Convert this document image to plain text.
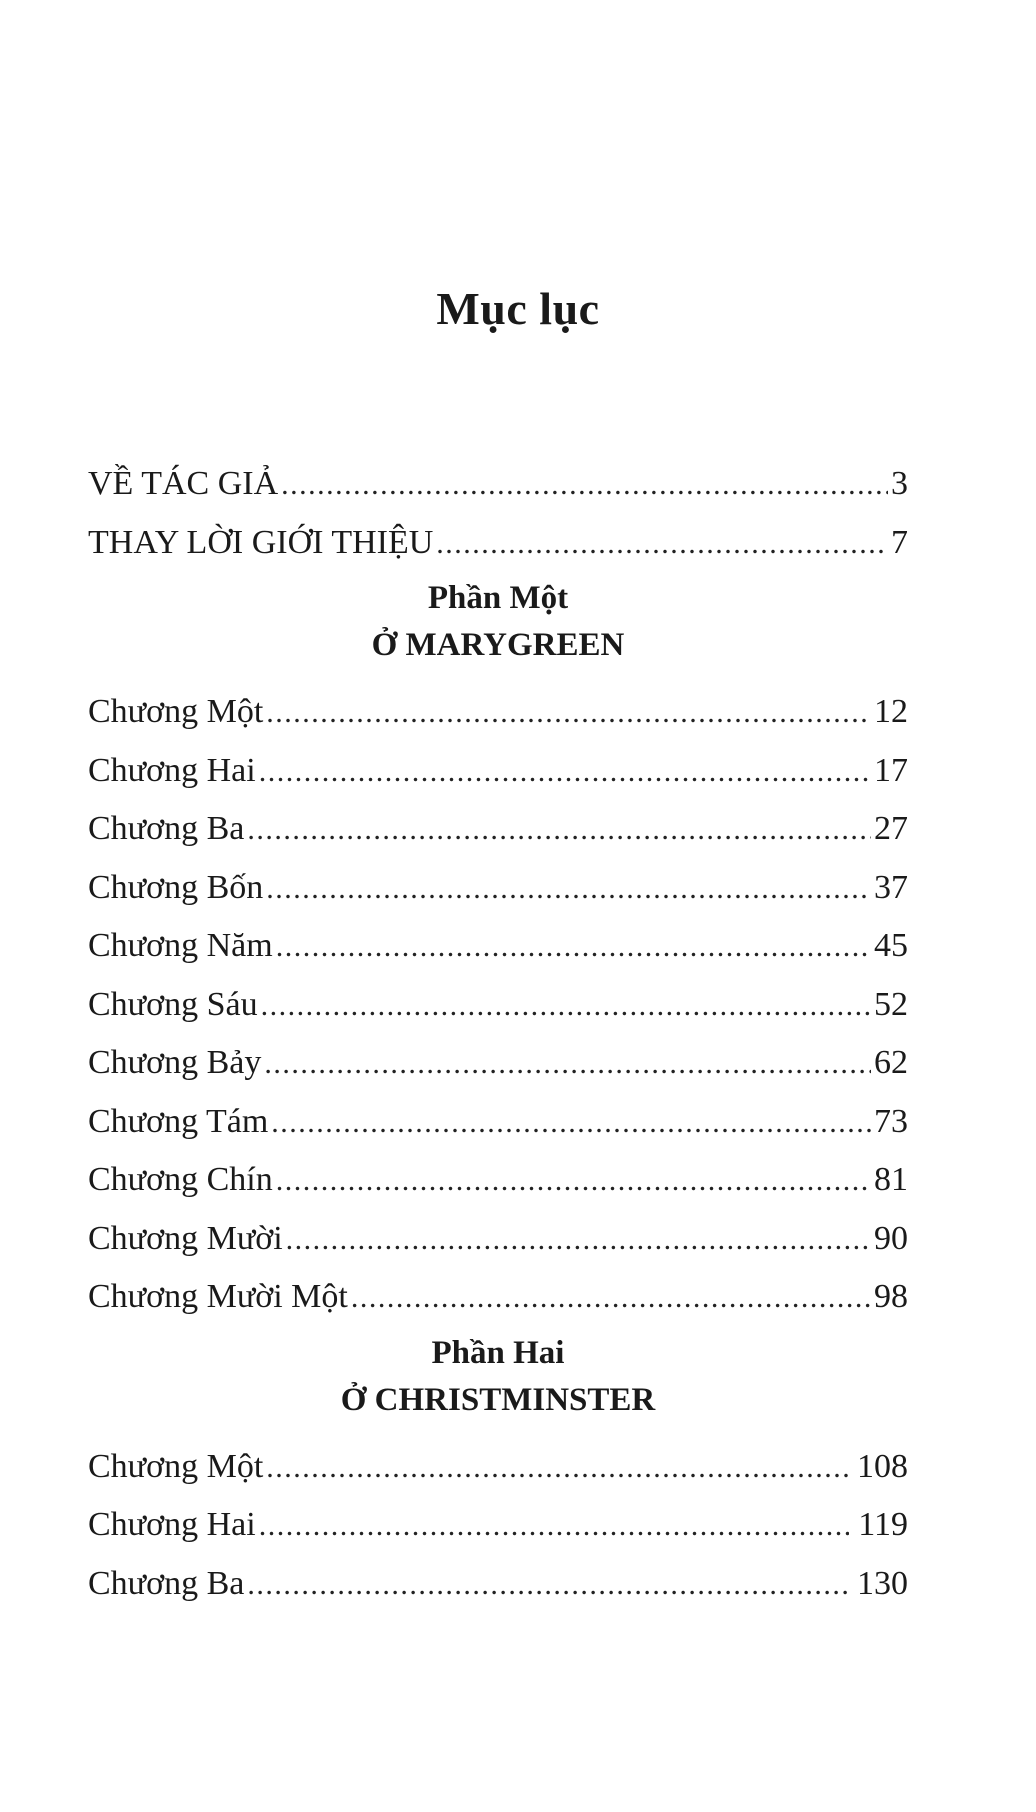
Mục lục
VỀ TÁC GIẢ .....	3
THAY LỜI GIỚI THIỆU .....	7
Phần Một
Ở MARYGREEN
Chương Một .....	12
Chương Hai .....	17
Chương Ba .....	27
Chương Bốn .....	37
Chương Năm .....	45
Chương Sáu .....	52
Chương Bảy .....	62
Chương Tám .....	73
Chương Chín .....	81
Chương Mười .....	90
Chương Mười Một .....	98
Phần Hai
Ở CHRISTMINSTER
Chương Một .....	108
Chương Hai .....	119
Chương Ba .....	130
